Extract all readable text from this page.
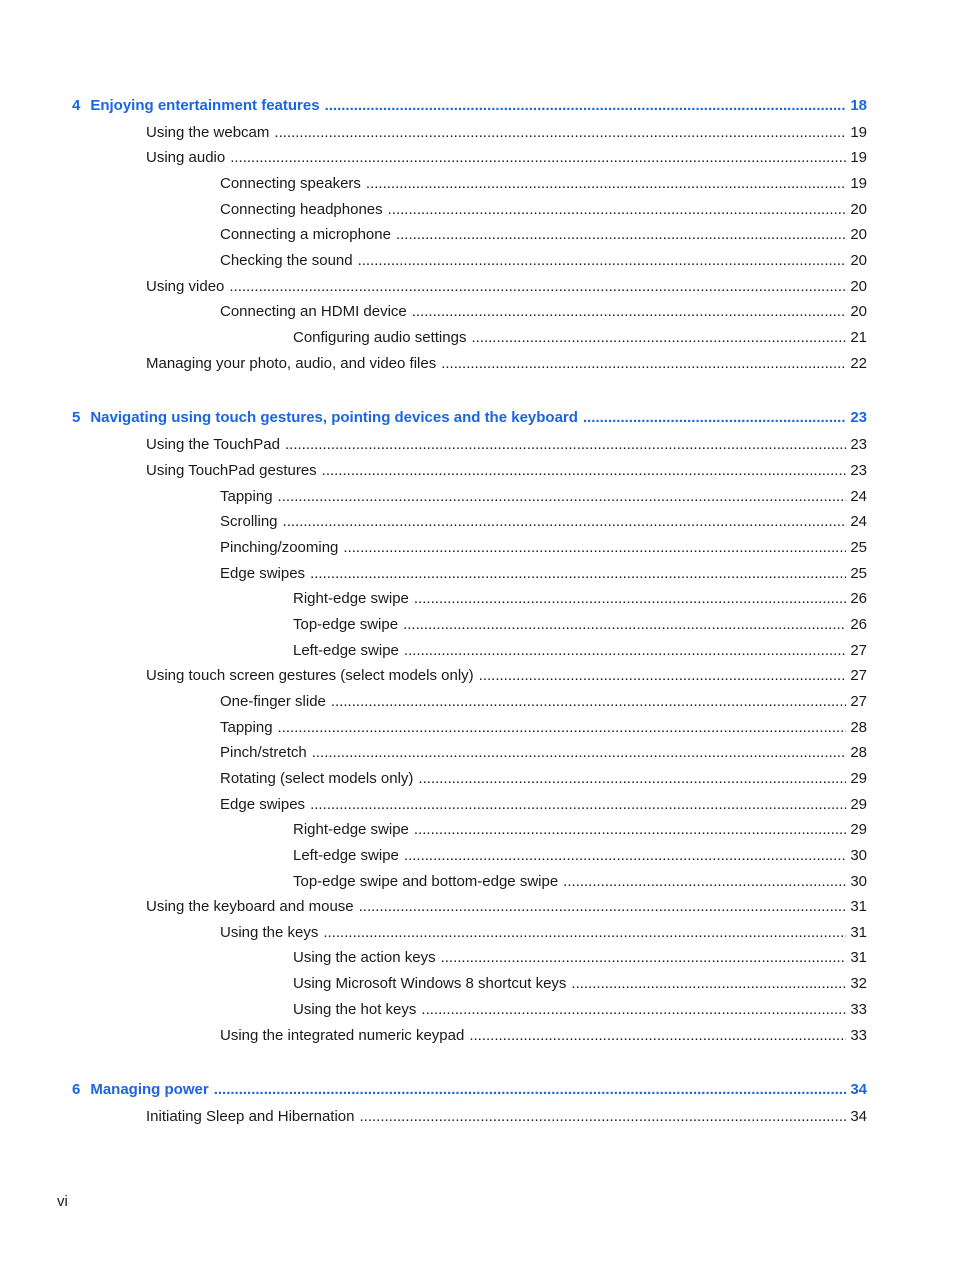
4 Enjoying entertainment features .....	18
Using the webcam .....	19
Using audio .....	19
Connecting speakers .....	19
Connecting headphones .....	20
Connecting a microphone .....	20
Checking the sound .....	20
Using video .....	20
Connecting an HDMI device .....	20
Configuring audio settings .....	21
Managing your photo, audio, and video files .....	22
5 Navigating using touch gestures, pointing devices and the keyboard .....	23
Using the TouchPad .....	23
Using TouchPad gestures .....	23
Tapping .....	24
Scrolling .....	24
Pinching/zooming .....	25
Edge swipes .....	25
Right-edge swipe .....	26
Top-edge swipe .....	26
Left-edge swipe .....	27
Using touch screen gestures (select models only) .....	27
One-finger slide .....	27
Tapping .....	28
Pinch/stretch .....	28
Rotating (select models only) .....	29
Edge swipes .....	29
Right-edge swipe .....	29
Left-edge swipe .....	30
Top-edge swipe and bottom-edge swipe .....	30
Using the keyboard and mouse .....	31
Using the keys .....	31
Using the action keys .....	31
Using Microsoft Windows 8 shortcut keys .....	32
Using the hot keys .....	33
Using the integrated numeric keypad .....	33
6 Managing power .....	34
Initiating Sleep and Hibernation .....	34
vi
